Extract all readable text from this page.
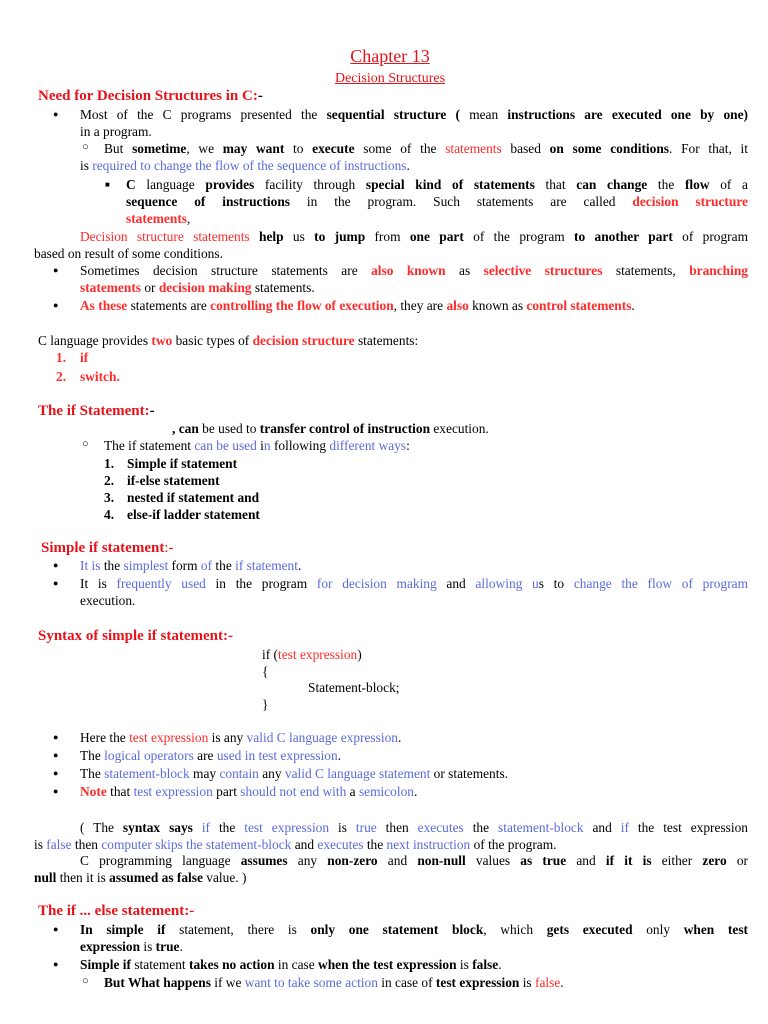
Chapter 13
Decision Structures
Need for Decision Structures in C:-
● Most of the C programs presented the sequential structure ( mean instructions are executed one by one)
in a program.
○ But sometime, we may want to execute some of the statements based on some conditions. For that, it
is required to change the flow of the sequence of instructions.
■ C language provides facility through special kind of statements that can change the flow of a
sequence of instructions in the program. Such statements are called decision structure
statements,
Decision structure statements help us to jump from one part of the program to another part of program
based on result of some conditions.
● Sometimes decision structure statements are also known as selective structures statements, branching
statements or decision making statements.
● As these statements are controlling the flow of execution, they are also known as control statements.
C language provides two basic types of decision structure statements:
1. if
2. switch.
The if Statement:-
, can be used to transfer control of instruction execution.
○ The if statement can be used in following different ways:
1. Simple if statement
2. if-else statement
3. nested if statement and
4. else-if ladder statement
Simple if statement:-
● It is the simplest form of the if statement.
● It is frequently used in the program for decision making and allowing us to change the flow of program
execution.
Syntax of simple if statement:-
if (test expression)
{
Statement-block;
}
● Here the test expression is any valid C language expression.
● The logical operators are used in test expression.
● The statement-block may contain any valid C language statement or statements.
● Note that test expression part should not end with a semicolon.
( The syntax says if the test expression is true then executes the statement-block and if the test expression
is false then computer skips the statement-block and executes the next instruction of the program.
C programming language assumes any non-zero and non-null values as true and if it is either zero or
null then it is assumed as false value. )
The if ... else statement:-
● In simple if statement, there is only one statement block, which gets executed only when test
expression is true.
● Simple if statement takes no action in case when the test expression is false.
○ But What happens if we want to take some action in case of test expression is false.
